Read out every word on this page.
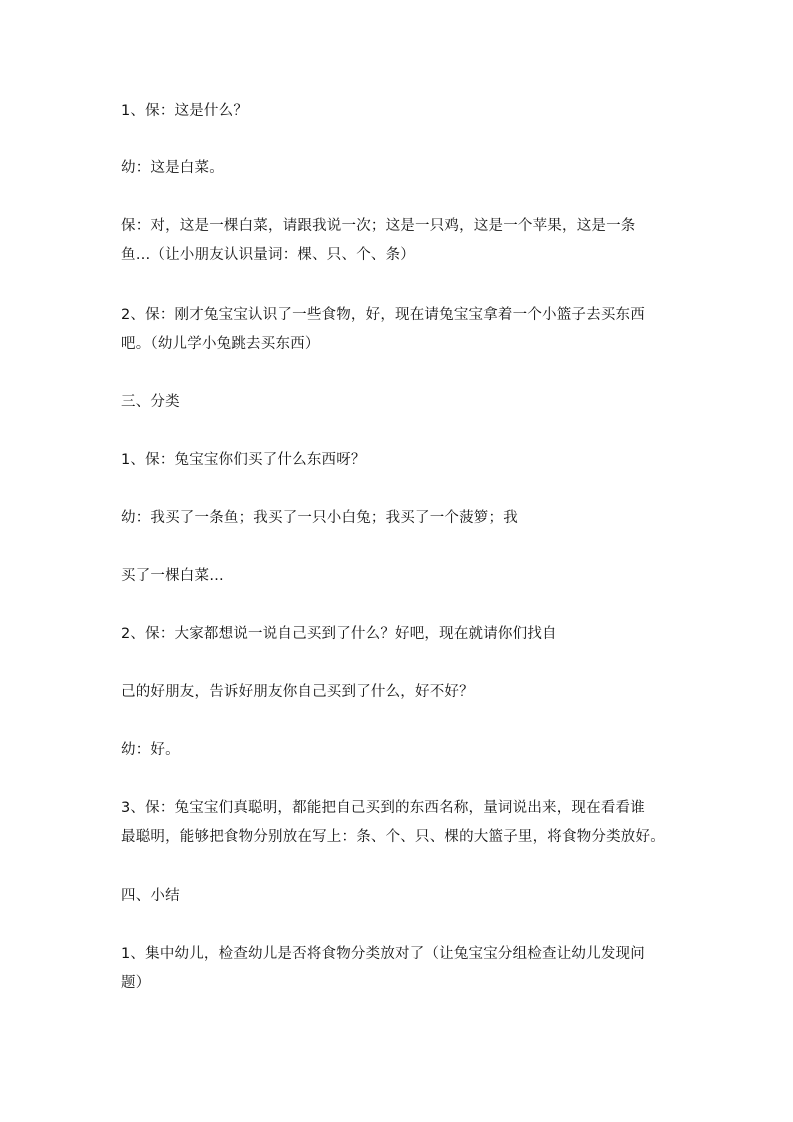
1、保：这是什么？
幼：这是白菜。
保：对，这是一棵白菜，请跟我说一次；这是一只鸡，这是一个苹果，这是一条
鱼…（让小朋友认识量词：棵、只、个、条）
2、保：刚才兔宝宝认识了一些食物，好，现在请兔宝宝拿着一个小篮子去买东西
吧。（幼儿学小兔跳去买东西）
三、分类
1、保：兔宝宝你们买了什么东西呀？
幼：我买了一条鱼；我买了一只小白兔；我买了一个菠箩；我
买了一棵白菜…
2、保：大家都想说一说自己买到了什么？好吧，现在就请你们找自
己的好朋友，告诉好朋友你自己买到了什么，好不好？
幼：好。
3、保：兔宝宝们真聪明，都能把自己买到的东西名称，量词说出来，现在看看谁
最聪明，能够把食物分别放在写上：条、个、只、棵的大篮子里，将食物分类放好。
四、小结
1、集中幼儿，检查幼儿是否将食物分类放对了（让兔宝宝分组检查让幼儿发现问
题）
